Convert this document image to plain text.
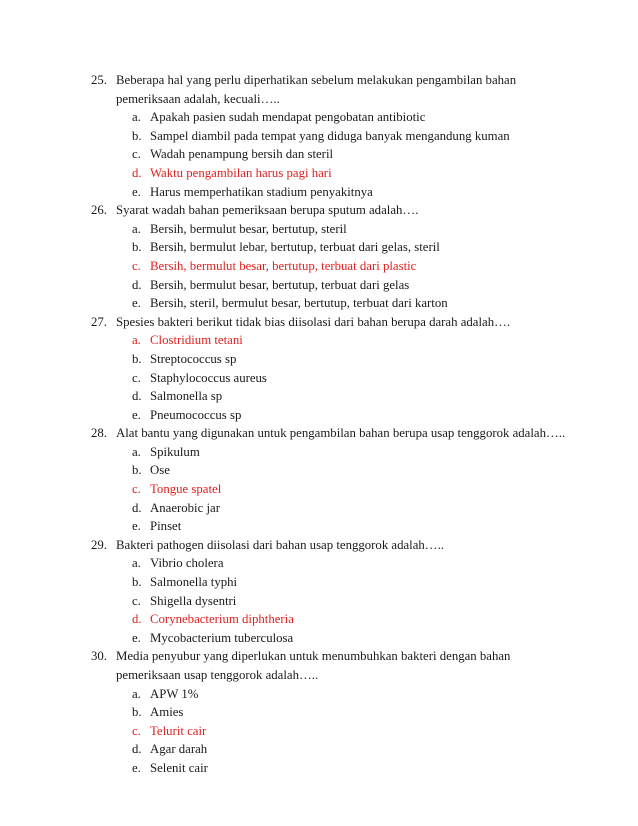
25. Beberapa hal yang perlu diperhatikan sebelum melakukan pengambilan bahan
pemeriksaan adalah, kecuali…..
a. Apakah pasien sudah mendapat pengobatan antibiotic
b. Sampel diambil pada tempat yang diduga banyak mengandung kuman
c. Wadah penampung bersih dan steril
d. Waktu pengambilan harus pagi hari
e. Harus memperhatikan stadium penyakitnya
26. Syarat wadah bahan pemeriksaan berupa sputum adalah….
a. Bersih, bermulut besar, bertutup, steril
b. Bersih, bermulut lebar, bertutup, terbuat dari gelas, steril
c. Bersih, bermulut besar, bertutup, terbuat dari plastic
d. Bersih, bermulut besar, bertutup, terbuat dari gelas
e. Bersih, steril, bermulut besar, bertutup, terbuat dari karton
27. Spesies bakteri berikut tidak bias diisolasi dari bahan berupa darah adalah….
a. Clostridium tetani
b. Streptococcus sp
c. Staphylococcus aureus
d. Salmonella sp
e. Pneumococcus sp
28. Alat bantu yang digunakan untuk pengambilan bahan berupa usap tenggorok adalah…..
a. Spikulum
b. Ose
c. Tongue spatel
d. Anaerobic jar
e. Pinset
29. Bakteri pathogen diisolasi dari bahan usap tenggorok adalah…..
a. Vibrio cholera
b. Salmonella typhi
c. Shigella dysentri
d. Corynebacterium diphtheria
e. Mycobacterium tuberculosa
30. Media penyubur yang diperlukan untuk menumbuhkan bakteri dengan bahan
pemeriksaan usap tenggorok adalah…..
a. APW 1%
b. Amies
c. Telurit cair
d. Agar darah
e. Selenit cair
